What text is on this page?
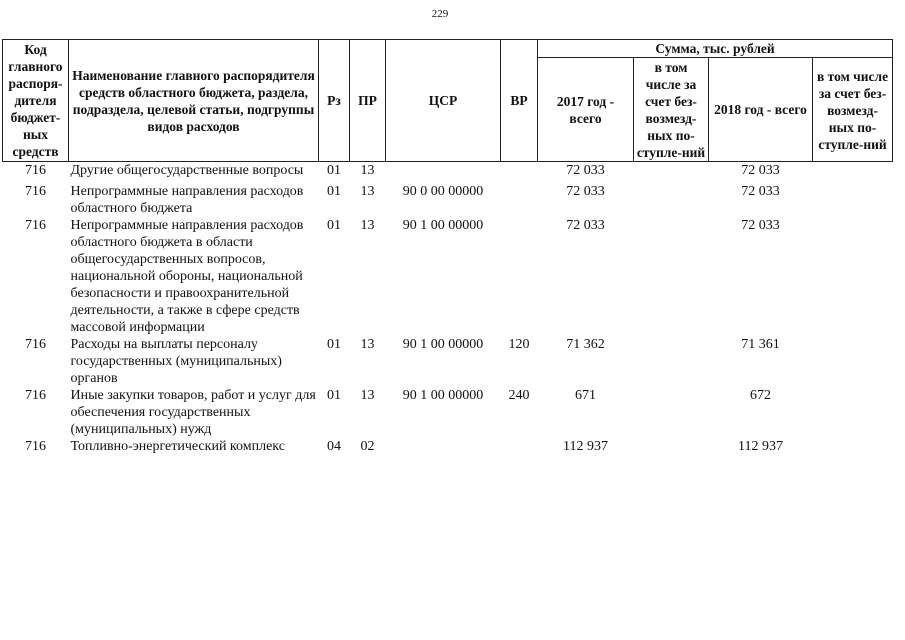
229
Код главного распоря-дителя бюджет-ных средств	Наименование главного распорядителя средств областного бюджета, раздела, подраздела, целевой статьи, подгруппы видов расходов	Рз	ПР	ЦСР	ВР	Сумма, тыс. рублей			
						2017 год - всего	в том числе за счет без-возмезд-ных по-ступле-ний	2018 год - всего	в том числе за счет без-возмезд-ных по-ступле-ний
716	Другие общегосударственные вопросы	01	13			72 033		72 033	
716	Непрограммные направления расходов областного бюджета	01	13	90 0 00 00000		72 033		72 033	
716	Непрограммные направления расходов областного бюджета в области общегосударственных вопросов, национальной обороны, национальной безопасности и правоохранительной деятельности, а также в сфере средств массовой информации	01	13	90 1 00 00000		72 033		72 033	
716	Расходы на выплаты персоналу государственных (муниципальных) органов	01	13	90 1 00 00000	120	71 362		71 361	
716	Иные закупки товаров, работ и услуг для обеспечения государственных (муниципальных) нужд	01	13	90 1 00 00000	240	671		672	
716	Топливно-энергетический комплекс	04	02			112 937		112 937	
